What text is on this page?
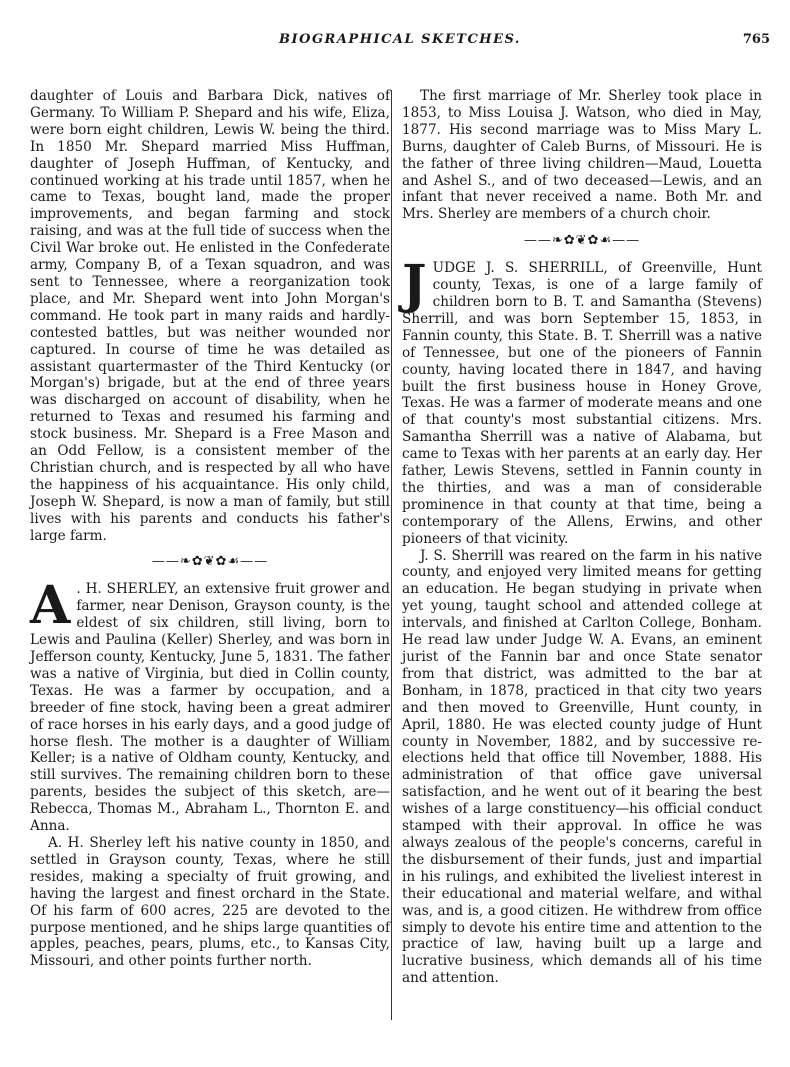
BIOGRAPHICAL SKETCHES.	765

daughter of Louis and Barbara Dick, natives of Germany. To William P. Shepard and his wife, Eliza, were born eight children, Lewis W. being the third. In 1850 Mr. Shepard married Miss Huffman, daughter of Joseph Huffman, of Kentucky, and continued working at his trade until 1857, when he came to Texas, bought land, made the proper improvements, and began farming and stock raising, and was at the full tide of success when the Civil War broke out. He enlisted in the Confederate army, Company B, of a Texan squadron, and was sent to Tennessee, where a reorganization took place, and Mr. Shepard went into John Morgan's command. He took part in many raids and hardly-contested battles, but was neither wounded nor captured. In course of time he was detailed as assistant quartermaster of the Third Kentucky (or Morgan's) brigade, but at the end of three years was discharged on account of disability, when he returned to Texas and resumed his farming and stock business. Mr. Shepard is a Free Mason and an Odd Fellow, is a consistent member of the Christian church, and is respected by all who have the happiness of his acquaintance. His only child, Joseph W. Shepard, is now a man of family, but still lives with his parents and conducts his father's large farm.

——❧✿❦✿☙——

A . H. SHERLEY, an extensive fruit grower and farmer, near Denison, Grayson county, is the eldest of six children, still living, born to Lewis and Paulina (Keller) Sherley, and was born in Jefferson county, Kentucky, June 5, 1831. The father was a native of Virginia, but died in Collin county, Texas. He was a farmer by occupation, and a breeder of fine stock, having been a great admirer of race horses in his early days, and a good judge of horse flesh. The mother is a daughter of William Keller; is a native of Oldham county, Kentucky, and still survives. The remaining children born to these parents, besides the subject of this sketch, are—Rebecca, Thomas M., Abraham L., Thornton E. and Anna.

A. H. Sherley left his native county in 1850, and settled in Grayson county, Texas, where he still resides, making a specialty of fruit growing, and having the largest and finest orchard in the State. Of his farm of 600 acres, 225 are devoted to the purpose mentioned, and he ships large quantities of apples, peaches, pears, plums, etc., to Kansas City, Missouri, and other points further north.

The first marriage of Mr. Sherley took place in 1853, to Miss Louisa J. Watson, who died in May, 1877. His second marriage was to Miss Mary L. Burns, daughter of Caleb Burns, of Missouri. He is the father of three living children—Maud, Louetta and Ashel S., and of two deceased—Lewis, and an infant that never received a name. Both Mr. and Mrs. Sherley are members of a church choir.

——❧✿❦✿☙——

JUDGE J. S. SHERRILL, of Greenville, Hunt county, Texas, is one of a large family of children born to B. T. and Samantha (Stevens) Sherrill, and was born September 15, 1853, in Fannin county, this State. B. T. Sherrill was a native of Tennessee, but one of the pioneers of Fannin county, having located there in 1847, and having built the first business house in Honey Grove, Texas. He was a farmer of moderate means and one of that county's most substantial citizens. Mrs. Samantha Sherrill was a native of Alabama, but came to Texas with her parents at an early day. Her father, Lewis Stevens, settled in Fannin county in the thirties, and was a man of considerable prominence in that county at that time, being a contemporary of the Allens, Erwins, and other pioneers of that vicinity.

J. S. Sherrill was reared on the farm in his native county, and enjoyed very limited means for getting an education. He began studying in private when yet young, taught school and attended college at intervals, and finished at Carlton College, Bonham. He read law under Judge W. A. Evans, an eminent jurist of the Fannin bar and once State senator from that district, was admitted to the bar at Bonham, in 1878, practiced in that city two years and then moved to Greenville, Hunt county, in April, 1880. He was elected county judge of Hunt county in November, 1882, and by successive re-elections held that office till November, 1888. His administration of that office gave universal satisfaction, and he went out of it bearing the best wishes of a large constituency—his official conduct stamped with their approval. In office he was always zealous of the people's concerns, careful in the disbursement of their funds, just and impartial in his rulings, and exhibited the liveliest interest in their educational and material welfare, and withal was, and is, a good citizen. He withdrew from office simply to devote his entire time and attention to the practice of law, having built up a large and lucrative business, which demands all of his time and attention.
